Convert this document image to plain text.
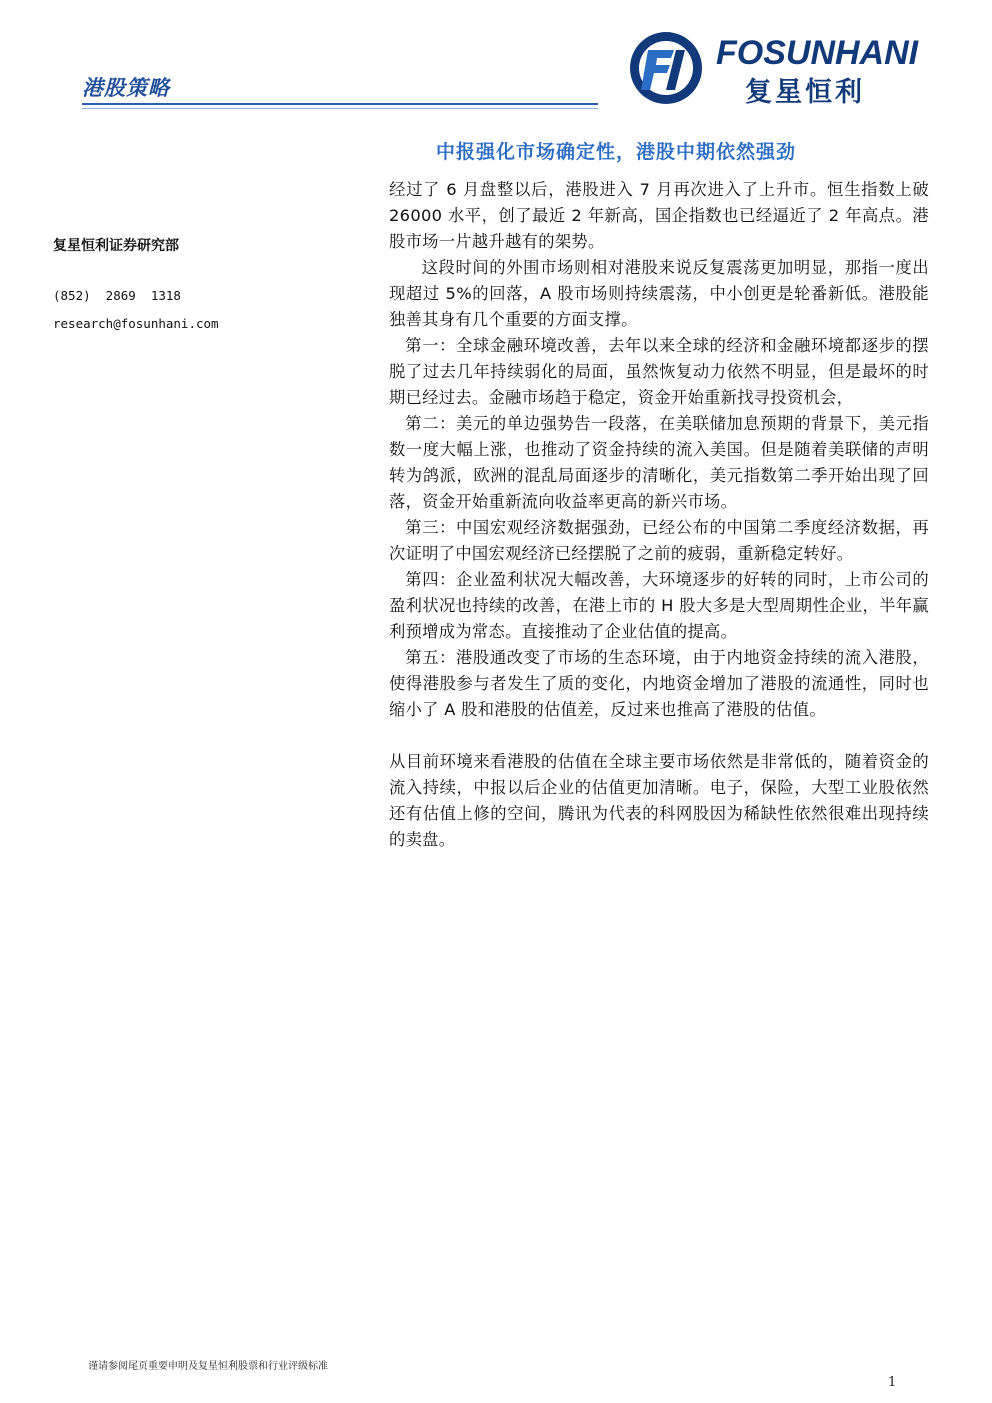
港股策略
FOSUNHANI
复星恒利
中报强化市场确定性，港股中期依然强劲
复星恒利证券研究部
(852)  2869  1318
research@fosunhani.com

经过了 6 月盘整以后，港股进入 7 月再次进入了上升市。恒生指数上破 26000 水平，创了最近 2 年新高，国企指数也已经逼近了 2 年高点。港股市场一片越升越有的架势。

这段时间的外围市场则相对港股来说反复震荡更加明显，那指一度出现超过 5%的回落，A 股市场则持续震荡，中小创更是轮番新低。港股能独善其身有几个重要的方面支撑。

第一：全球金融环境改善，去年以来全球的经济和金融环境都逐步的摆脱了过去几年持续弱化的局面，虽然恢复动力依然不明显，但是最坏的时期已经过去。金融市场趋于稳定，资金开始重新找寻投资机会，

第二：美元的单边强势告一段落，在美联储加息预期的背景下，美元指数一度大幅上涨，也推动了资金持续的流入美国。但是随着美联储的声明转为鸽派，欧洲的混乱局面逐步的清晰化，美元指数第二季开始出现了回落，资金开始重新流向收益率更高的新兴市场。

第三：中国宏观经济数据强劲，已经公布的中国第二季度经济数据，再次证明了中国宏观经济已经摆脱了之前的疲弱，重新稳定转好。

第四：企业盈利状况大幅改善，大环境逐步的好转的同时，上市公司的盈利状况也持续的改善，在港上市的 H 股大多是大型周期性企业，半年赢利预增成为常态。直接推动了企业估值的提高。

第五：港股通改变了市场的生态环境，由于内地资金持续的流入港股，使得港股参与者发生了质的变化，内地资金增加了港股的流通性，同时也缩小了 A 股和港股的估值差，反过来也推高了港股的估值。

从目前环境来看港股的估值在全球主要市场依然是非常低的，随着资金的流入持续，中报以后企业的估值更加清晰。电子，保险，大型工业股依然还有估值上修的空间，腾讯为代表的科网股因为稀缺性依然很难出现持续的卖盘。

谨请参阅尾页重要申明及复星恒利股票和行业评级标准
1
